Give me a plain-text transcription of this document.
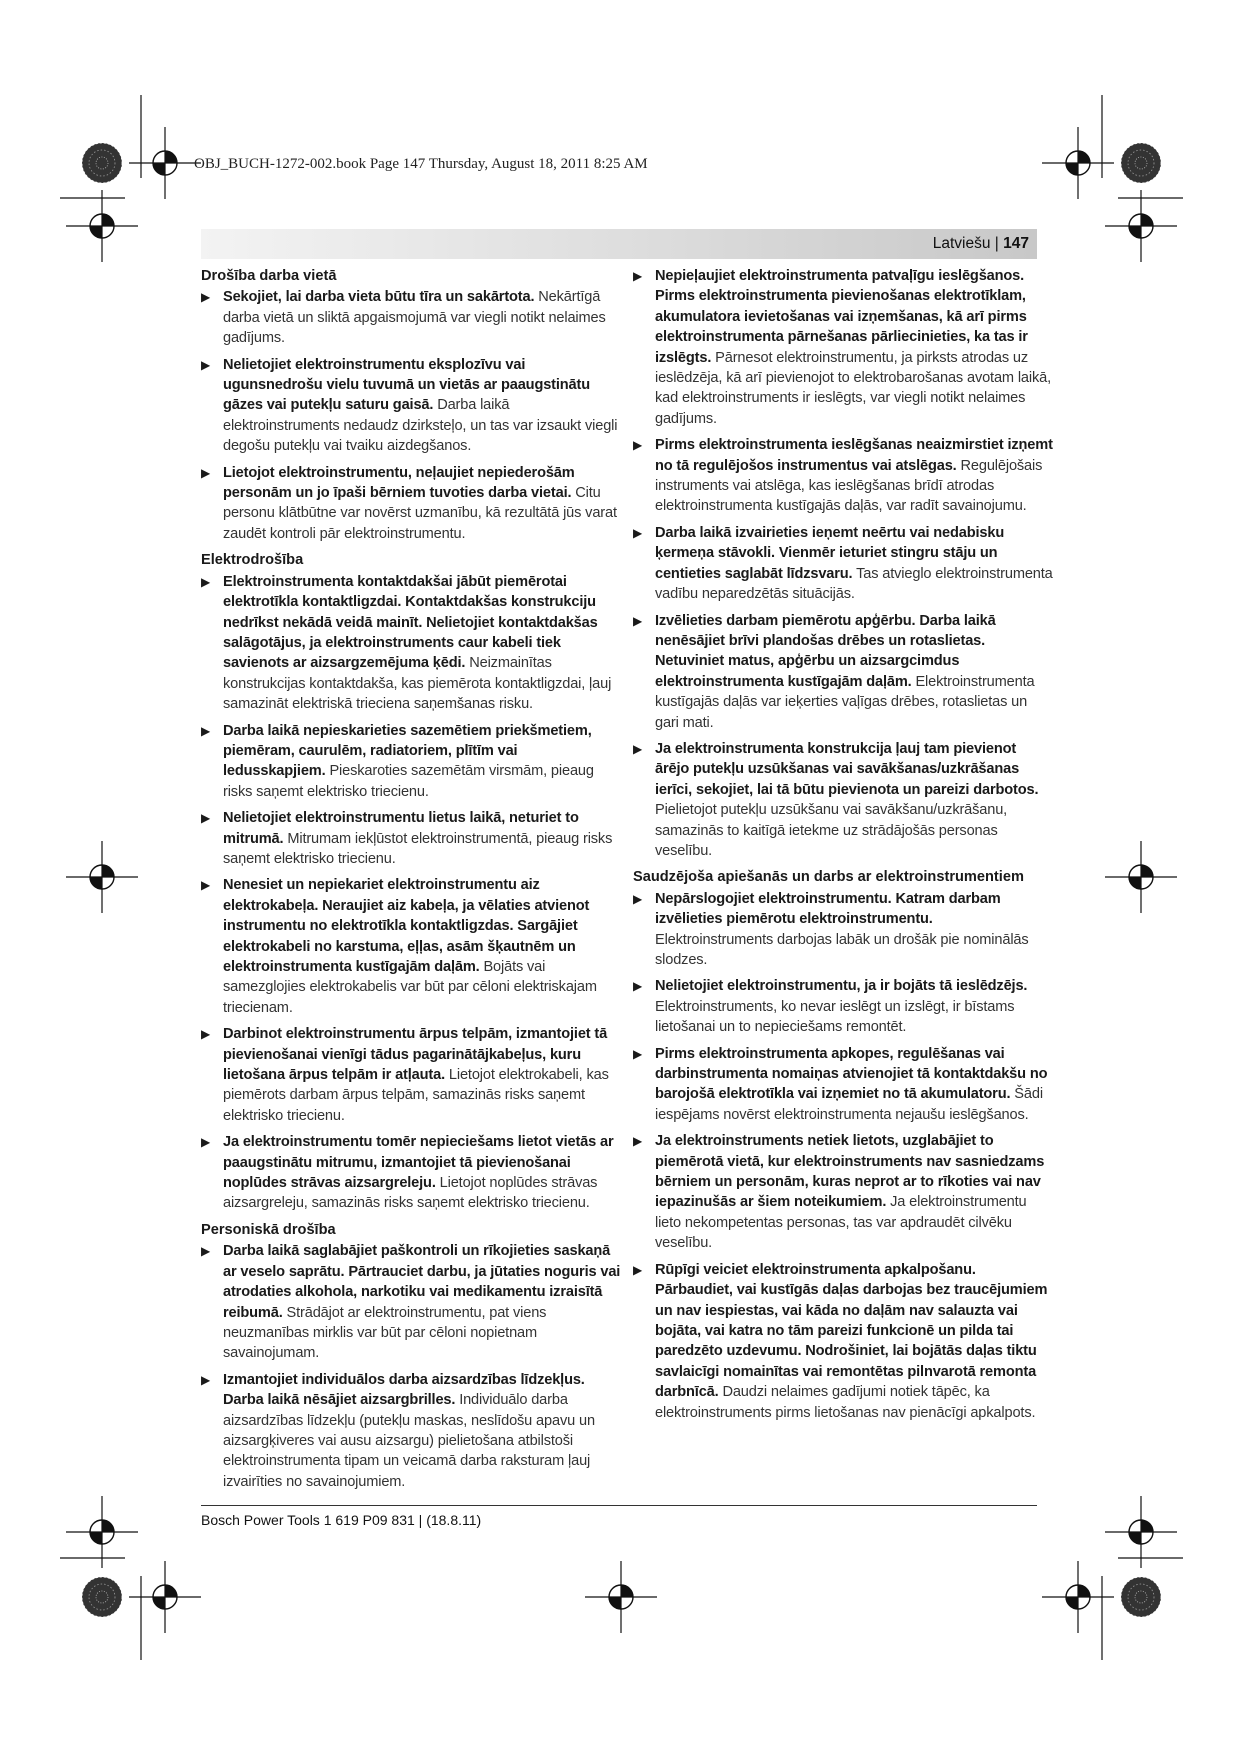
OBJ_BUCH-1272-002.book Page 147 Thursday, August 18, 2011 8:25 AM
Latviešu | 147
Drošība darba vietā
▶ Sekojiet, lai darba vieta būtu tīra un sakārtota. Nekārtīgā darba vietā un sliktā apgaismojumā var viegli notikt nelaimes gadījums.
▶ Nelietojiet elektroinstrumentu eksplozīvu vai ugunsnedrošu vielu tuvumā un vietās ar paaugstinātu gāzes vai putekļu saturu gaisā. Darba laikā elektroinstruments nedaudz dzirksteļo, un tas var izsaukt viegli degošu putekļu vai tvaiku aizdegšanos.
▶ Lietojot elektroinstrumentu, neļaujiet nepiederošām personām un jo īpaši bērniem tuvoties darba vietai. Citu personu klātbūtne var novērst uzmanību, kā rezultātā jūs varat zaudēt kontroli pār elektroinstrumentu.
Elektrodrošība
▶ Elektroinstrumenta kontaktdakšai jābūt piemērotai elektrotīkla kontaktligzdai. Kontaktdakšas konstrukciju nedrīkst nekādā veidā mainīt. Nelietojiet kontaktdakšas salāgotājus, ja elektroinstruments caur kabeli tiek savienots ar aizsargzemējuma ķēdi. Neizmainītas konstrukcijas kontaktdakša, kas piemērota kontaktligzdai, ļauj samazināt elektriskā trieciena saņemšanas risku.
▶ Darba laikā nepieskarieties sazemētiem priekšmetiem, piemēram, caurulēm, radiatoriem, plītīm vai ledusskapjiem. Pieskaroties sazemētām virsmām, pieaug risks saņemt elektrisko triecienu.
▶ Nelietojiet elektroinstrumentu lietus laikā, neturiet to mitrumā. Mitrumam iekļūstot elektroinstrumentā, pieaug risks saņemt elektrisko triecienu.
▶ Nenesiet un nepiekariet elektroinstrumentu aiz elektrokabeļa. Neraujiet aiz kabeļa, ja vēlaties atvienot instrumentu no elektrotīkla kontaktligzdas. Sargājiet elektrokabeli no karstuma, eļļas, asām šķautnēm un elektroinstrumenta kustīgajām daļām. Bojāts vai samezglojies elektrokabelis var būt par cēloni elektriskajam triecienam.
▶ Darbinot elektroinstrumentu ārpus telpām, izmantojiet tā pievienošanai vienīgi tādus pagarinātājkabeļus, kuru lietošana ārpus telpām ir atļauta. Lietojot elektrokabeli, kas piemērots darbam ārpus telpām, samazinās risks saņemt elektrisko triecienu.
▶ Ja elektroinstrumentu tomēr nepieciešams lietot vietās ar paaugstinātu mitrumu, izmantojiet tā pievienošanai noplūdes strāvas aizsargreleju. Lietojot noplūdes strāvas aizsargreleju, samazinās risks saņemt elektrisko triecienu.
Personiskā drošība
▶ Darba laikā saglabājiet paškontroli un rīkojieties saskaņā ar veselo saprātu. Pārtrauciet darbu, ja jūtaties noguris vai atrodaties alkohola, narkotiku vai medikamentu izraisītā reibumā. Strādājot ar elektroinstrumentu, pat viens neuzmanības mirklis var būt par cēloni nopietnam savainojumam.
▶ Izmantojiet individuālos darba aizsardzības līdzekļus. Darba laikā nēsājiet aizsargbrilles. Individuālo darba aizsardzības līdzekļu (putekļu maskas, neslīdošu apavu un aizsargķiveres vai ausu aizsargu) pielietošana atbilstoši elektroinstrumenta tipam un veicamā darba raksturam ļauj izvairīties no savainojumiem.
▶ Nepieļaujiet elektroinstrumenta patvaļīgu ieslēgšanos. Pirms elektroinstrumenta pievienošanas elektrotīklam, akumulatora ievietošanas vai izņemšanas, kā arī pirms elektroinstrumenta pārnešanas pārliecinieties, ka tas ir izslēgts. Pārnesot elektroinstrumentu, ja pirksts atrodas uz ieslēdzēja, kā arī pievienojot to elektrobarošanas avotam laikā, kad elektroinstruments ir ieslēgts, var viegli notikt nelaimes gadījums.
▶ Pirms elektroinstrumenta ieslēgšanas neaizmirstiet izņemt no tā regulējošos instrumentus vai atslēgas. Regulējošais instruments vai atslēga, kas ieslēgšanas brīdī atrodas elektroinstrumenta kustīgajās daļās, var radīt savainojumu.
▶ Darba laikā izvairieties ieņemt neērtu vai nedabisku ķermeņa stāvokli. Vienmēr ieturiet stingru stāju un centieties saglabāt līdzsvaru. Tas atvieglo elektroinstrumenta vadību neparedzētās situācijās.
▶ Izvēlieties darbam piemērotu apģērbu. Darba laikā nenēsājiet brīvi plandošas drēbes un rotaslietas. Netuviniet matus, apģērbu un aizsargcimdus elektroinstrumenta kustīgajām daļām. Elektroinstrumenta kustīgajās daļās var ieķerties vaļīgas drēbes, rotaslietas un gari mati.
▶ Ja elektroinstrumenta konstrukcija ļauj tam pievienot ārējo putekļu uzsūkšanas vai savākšanas/uzkrāšanas ierīci, sekojiet, lai tā būtu pievienota un pareizi darbotos. Pielietojot putekļu uzsūkšanu vai savākšanu/uzkrāšanu, samazinās to kaitīgā ietekme uz strādājošās personas veselību.
Saudzējoša apiešanās un darbs ar elektroinstrumentiem
▶ Nepārslogojiet elektroinstrumentu. Katram darbam izvēlieties piemērotu elektroinstrumentu. Elektroinstruments darbojas labāk un drošāk pie nominālās slodzes.
▶ Nelietojiet elektroinstrumentu, ja ir bojāts tā ieslēdzējs. Elektroinstruments, ko nevar ieslēgt un izslēgt, ir bīstams lietošanai un to nepieciešams remontēt.
▶ Pirms elektroinstrumenta apkopes, regulēšanas vai darbinstrumenta nomaiņas atvienojiet tā kontaktdakšu no barojošā elektrotīkla vai izņemiet no tā akumulatoru. Šādi iespējams novērst elektroinstrumenta nejaušu ieslēgšanos.
▶ Ja elektroinstruments netiek lietots, uzglabājiet to piemērotā vietā, kur elektroinstruments nav sasniedzams bērniem un personām, kuras neprot ar to rīkoties vai nav iepazinušās ar šiem noteikumiem. Ja elektroinstrumentu lieto nekompetentas personas, tas var apdraudēt cilvēku veselību.
▶ Rūpīgi veiciet elektroinstrumenta apkalpošanu. Pārbaudiet, vai kustīgās daļas darbojas bez traucējumiem un nav iespiestas, vai kāda no daļām nav salauzta vai bojāta, vai katra no tām pareizi funkcionē un pilda tai paredzēto uzdevumu. Nodrošiniet, lai bojātās daļas tiktu savlaicīgi nomainītas vai remontētas pilnvarotā remonta darbnīcā. Daudzi nelaimes gadījumi notiek tāpēc, ka elektroinstruments pirms lietošanas nav pienācīgi apkalpots.
Bosch Power Tools 1 619 P09 831 | (18.8.11)
